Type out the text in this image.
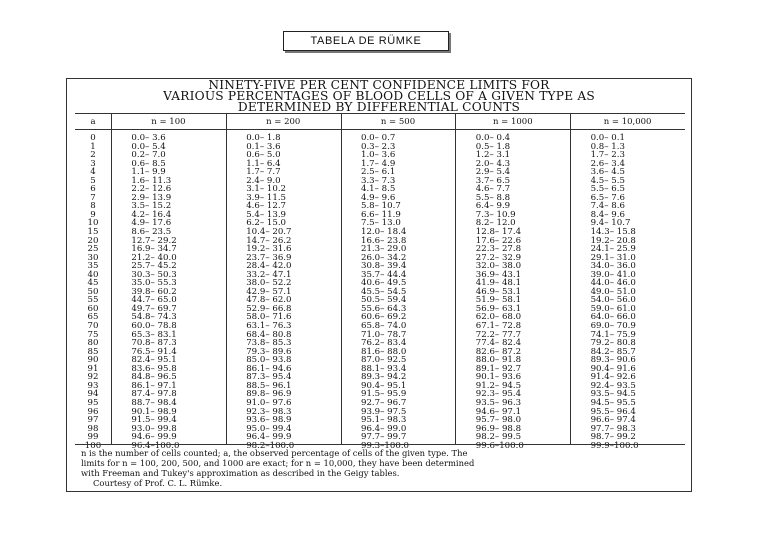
TABELA DE RÜMKE
NINETY-FIVE PER CENT CONFIDENCE LIMITS FOR
VARIOUS PERCENTAGES OF BLOOD CELLS OF A GIVEN TYPE AS
DETERMINED BY DIFFERENTIAL COUNTS
a	n = 100	n = 200	n = 500	n = 1000	n = 10,000
0	0.0– 3.6	0.0– 1.8	0.0– 0.7	0.0– 0.4	0.0– 0.1
1	0.0– 5.4	0.1– 3.6	0.3– 2.3	0.5– 1.8	0.8– 1.3
2	0.2– 7.0	0.6– 5.0	1.0– 3.6	1.2– 3.1	1.7– 2.3
3	0.6– 8.5	1.1– 6.4	1.7– 4.9	2.0– 4.3	2.6– 3.4
4	1.1– 9.9	1.7– 7.7	2.5– 6.1	2.9– 5.4	3.6– 4.5
5	1.6– 11.3	2.4– 9.0	3.3– 7.3	3.7– 6.5	4.5– 5.5
6	2.2– 12.6	3.1– 10.2	4.1– 8.5	4.6– 7.7	5.5– 6.5
7	2.9– 13.9	3.9– 11.5	4.9– 9.6	5.5– 8.8	6.5– 7.6
8	3.5– 15.2	4.6– 12.7	5.8– 10.7	6.4– 9.9	7.4– 8.6
9	4.2– 16.4	5.4– 13.9	6.6– 11.9	7.3– 10.9	8.4– 9.6
10	4.9– 17.6	6.2– 15.0	7.5– 13.0	8.2– 12.0	9.4– 10.7
15	8.6– 23.5	10.4– 20.7	12.0– 18.4	12.8– 17.4	14.3– 15.8
20	12.7– 29.2	14.7– 26.2	16.6– 23.8	17.6– 22.6	19.2– 20.8
25	16.9– 34.7	19.2– 31.6	21.3– 29.0	22.3– 27.8	24.1– 25.9
30	21.2– 40.0	23.7– 36.9	26.0– 34.2	27.2– 32.9	29.1– 31.0
35	25.7– 45.2	28.4– 42.0	30.8– 39.4	32.0– 38.0	34.0– 36.0
40	30.3– 50.3	33.2– 47.1	35.7– 44.4	36.9– 43.1	39.0– 41.0
45	35.0– 55.3	38.0– 52.2	40.6– 49.5	41.9– 48.1	44.0– 46.0
50	39.8– 60.2	42.9– 57.1	45.5– 54.5	46.9– 53.1	49.0– 51.0
55	44.7– 65.0	47.8– 62.0	50.5– 59.4	51.9– 58.1	54.0– 56.0
60	49.7– 69.7	52.9– 66.8	55.6– 64.3	56.9– 63.1	59.0– 61.0
65	54.8– 74.3	58.0– 71.6	60.6– 69.2	62.0– 68.0	64.0– 66.0
70	60.0– 78.8	63.1– 76.3	65.8– 74.0	67.1– 72.8	69.0– 70.9
75	65.3– 83.1	68.4– 80.8	71.0– 78.7	72.2– 77.7	74.1– 75.9
80	70.8– 87.3	73.8– 85.3	76.2– 83.4	77.4– 82.4	79.2– 80.8
85	76.5– 91.4	79.3– 89.6	81.6– 88.0	82.6– 87.2	84.2– 85.7
90	82.4– 95.1	85.0– 93.8	87.0– 92.5	88.0– 91.8	89.3– 90.6
91	83.6– 95.8	86.1– 94.6	88.1– 93.4	89.1– 92.7	90.4– 91.6
92	84.8– 96.5	87.3– 95.4	89.3– 94.2	90.1– 93.6	91.4– 92.6
93	86.1– 97.1	88.5– 96.1	90.4– 95.1	91.2– 94.5	92.4– 93.5
94	87.4– 97.8	89.8– 96.9	91.5– 95.9	92.3– 95.4	93.5– 94.5
95	88.7– 98.4	91.0– 97.6	92.7– 96.7	93.5– 96.3	94.5– 95.5
96	90.1– 98.9	92.3– 98.3	93.9– 97.5	94.6– 97.1	95.5– 96.4
97	91.5– 99.4	93.6– 98.9	95.1– 98.3	95.7– 98.0	96.6– 97.4
98	93.0– 99.8	95.0– 99.4	96.4– 99.0	96.9– 98.8	97.7– 98.3
99	94.6– 99.9	96.4– 99.9	97.7– 99.7	98.2– 99.5	98.7– 99.2
100	96.4–100.0	98.2–100.0	99.3–100.0	99.6–100.0	99.9–100.0
n is the number of cells counted; a, the observed percentage of cells of the given type. The
limits for n = 100, 200, 500, and 1000 are exact; for n = 10,000, they have been determined
with Freeman and Tukey's approximation as described in the Geigy tables.
Courtesy of Prof. C. L. Rümke.
